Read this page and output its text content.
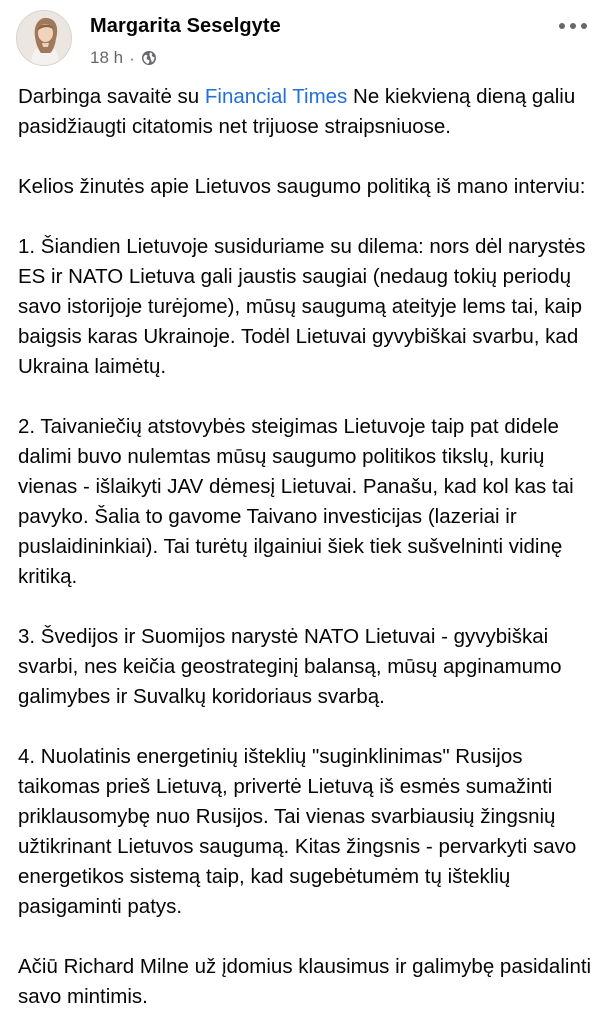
Margarita Seselgyte
18 h ·

Darbinga savaitė su Financial Times Ne kiekvieną dieną galiu pasidžiaugti citatomis net trijuose straipsniuose.

Kelios žinutės apie Lietuvos saugumo politiką iš mano interviu:

1. Šiandien Lietuvoje susiduriame su dilema: nors dėl narystės ES ir NATO Lietuva gali jaustis saugiai (nedaug tokių periodų savo istorijoje turėjome), mūsų saugumą ateityje lems tai, kaip baigsis karas Ukrainoje. Todėl Lietuvai gyvybiškai svarbu, kad Ukraina laimėtų.

2. Taivaniečių atstovybės steigimas Lietuvoje taip pat didele dalimi buvo nulemtas mūsų saugumo politikos tikslų, kurių vienas - išlaikyti JAV dėmesį Lietuvai. Panašu, kad kol kas tai pavyko. Šalia to gavome Taivano investicijas (lazeriai ir puslaidininkiai). Tai turėtų ilgainiui šiek tiek sušvelninti vidinę kritiką.

3. Švedijos ir Suomijos narystė NATO Lietuvai - gyvybiškai svarbi, nes keičia geostrateginį balansą, mūsų apginamumo galimybes ir Suvalkų koridoriaus svarbą.

4. Nuolatinis energetinių išteklių "suginklinimas" Rusijos taikomas prieš Lietuvą, privertė Lietuvą iš esmės sumažinti priklausomybę nuo Rusijos. Tai vienas svarbiausių žingsnių užtikrinant Lietuvos saugumą. Kitas žingsnis - pervarkyti savo energetikos sistemą taip, kad sugebėtumėm tų išteklių pasigaminti patys.

Ačiū Richard Milne už įdomius klausimus ir galimybę pasidalinti savo mintimis.
